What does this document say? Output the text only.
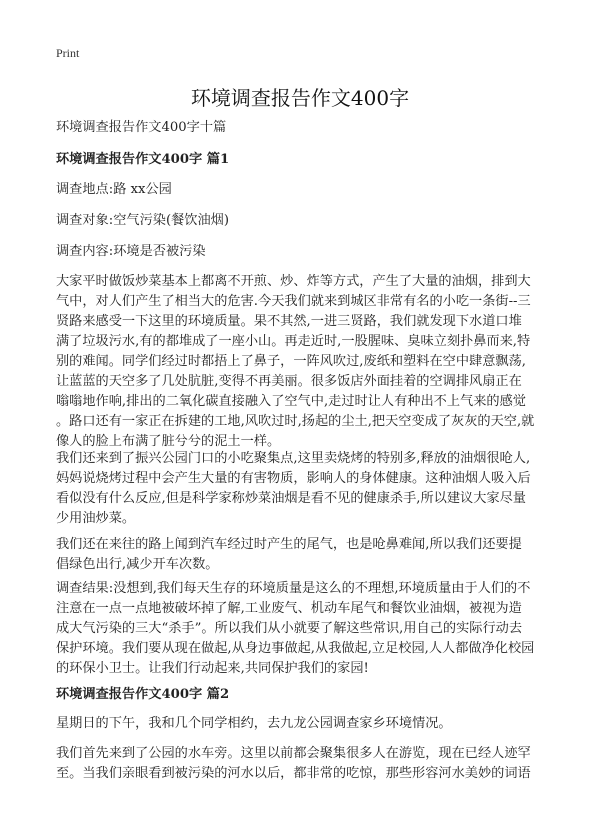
Print
环境调查报告作文400字
环境调查报告作文400字十篇
环境调查报告作文400字 篇1
调查地点:路 xx公园
调查对象:空气污染(餐饮油烟)
调查内容:环境是否被污染
大家平时做饭炒菜基本上都离不开煎、炒、炸等方式，产生了大量的油烟，排到大
气中，对人们产生了相当大的危害.今天我们就来到城区非常有名的小吃一条街--三
贤路来感受一下这里的环境质量。果不其然,一进三贤路，我们就发现下水道口堆
满了垃圾污水,有的都堆成了一座小山。再走近时,一股腥味、臭味立刻扑鼻而来,特
别的难闻。同学们经过时都捂上了鼻子，一阵风吹过,废纸和塑料在空中肆意飘荡,
让蓝蓝的天空多了几处肮脏,变得不再美丽。很多饭店外面挂着的空调排风扇正在
嗡嗡地作响,排出的二氧化碳直接融入了空气中,走过时让人有种出不上气来的感觉
。路口还有一家正在拆建的工地,风吹过时,扬起的尘土,把天空变成了灰灰的天空,就
像人的脸上布满了脏兮兮的泥土一样。
我们还来到了振兴公园门口的小吃聚集点,这里卖烧烤的特别多,释放的油烟很呛人,
妈妈说烧烤过程中会产生大量的有害物质，影响人的身体健康。这种油烟人吸入后
看似没有什么反应,但是科学家称炒菜油烟是看不见的健康杀手,所以建议大家尽量
少用油炒菜。
我们还在来往的路上闻到汽车经过时产生的尾气，也是呛鼻难闻,所以我们还要提
倡绿色出行,减少开车次数。
调查结果:没想到,我们每天生存的环境质量是这么的不理想,环境质量由于人们的不
注意在一点一点地被破坏掉了解,工业废气、机动车尾气和餐饮业油烟，被视为造
成大气污染的三大“杀手”。所以我们从小就要了解这些常识,用自己的实际行动去
保护环境。我们要从现在做起,从身边事做起,从我做起,立足校园,人人都做净化校园
的环保小卫士。让我们行动起来,共同保护我们的家园!
环境调查报告作文400字 篇2
星期日的下午，我和几个同学相约，去九龙公园调查家乡环境情况。
我们首先来到了公园的水车旁。这里以前都会聚集很多人在游览，现在已经人迹罕
至。当我们亲眼看到被污染的河水以后，都非常的吃惊，那些形容河水美妙的词语
